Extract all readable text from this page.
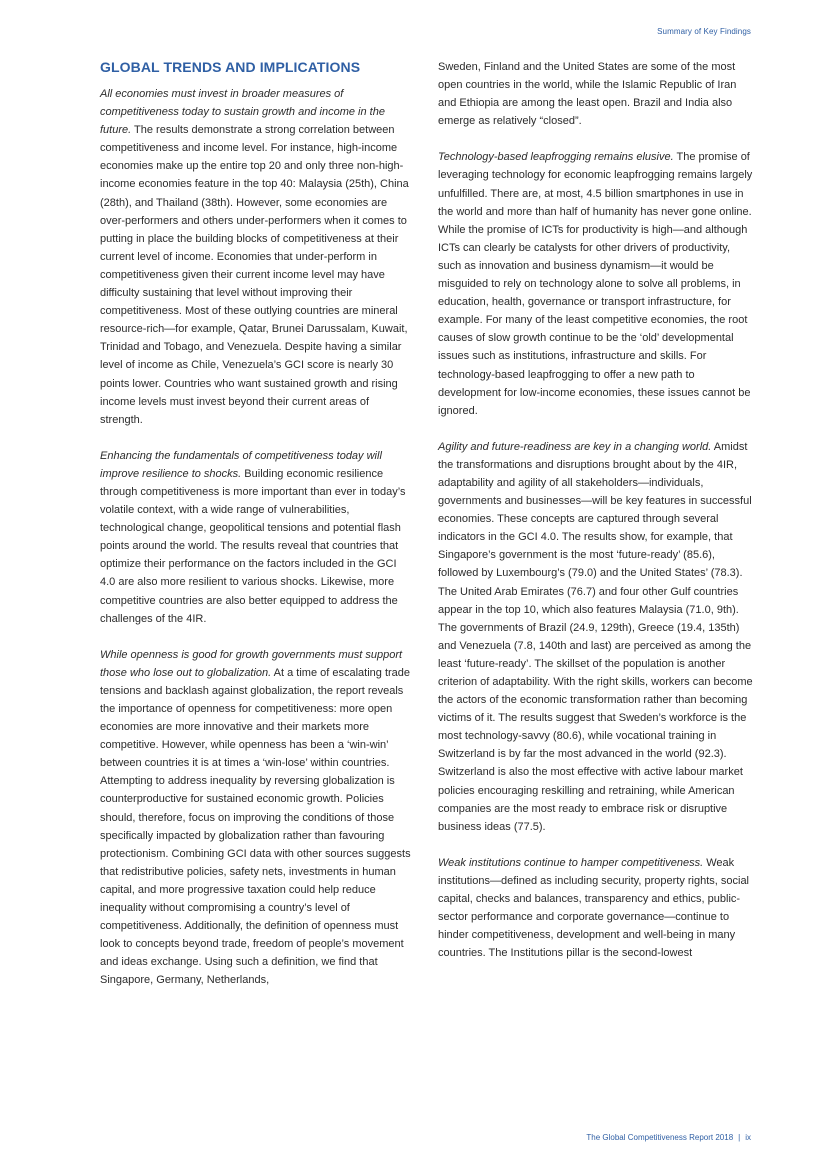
Summary of Key Findings
GLOBAL TRENDS AND IMPLICATIONS

All economies must invest in broader measures of competitiveness today to sustain growth and income in the future. The results demonstrate a strong correlation between competitiveness and income level. For instance, high-income economies make up the entire top 20 and only three non-high-income economies feature in the top 40: Malaysia (25th), China (28th), and Thailand (38th). However, some economies are over-performers and others under-performers when it comes to putting in place the building blocks of competitiveness at their current level of income. Economies that under-perform in competitiveness given their current income level may have difficulty sustaining that level without improving their competitiveness. Most of these outlying countries are mineral resource-rich—for example, Qatar, Brunei Darussalam, Kuwait, Trinidad and Tobago, and Venezuela. Despite having a similar level of income as Chile, Venezuela’s GCI score is nearly 30 points lower. Countries who want sustained growth and rising income levels must invest beyond their current areas of strength.

Enhancing the fundamentals of competitiveness today will improve resilience to shocks. Building economic resilience through competitiveness is more important than ever in today’s volatile context, with a wide range of vulnerabilities, technological change, geopolitical tensions and potential flash points around the world. The results reveal that countries that optimize their performance on the factors included in the GCI 4.0 are also more resilient to various shocks. Likewise, more competitive countries are also better equipped to address the challenges of the 4IR.

While openness is good for growth governments must support those who lose out to globalization. At a time of escalating trade tensions and backlash against globalization, the report reveals the importance of openness for competitiveness: more open economies are more innovative and their markets more competitive. However, while openness has been a ‘win-win’ between countries it is at times a ‘win-lose’ within countries. Attempting to address inequality by reversing globalization is counterproductive for sustained economic growth. Policies should, therefore, focus on improving the conditions of those specifically impacted by globalization rather than favouring protectionism. Combining GCI data with other sources suggests that redistributive policies, safety nets, investments in human capital, and more progressive taxation could help reduce inequality without compromising a country’s level of competitiveness. Additionally, the definition of openness must look to concepts beyond trade, freedom of people’s movement and ideas exchange. Using such a definition, we find that Singapore, Germany, Netherlands,

Sweden, Finland and the United States are some of the most open countries in the world, while the Islamic Republic of Iran and Ethiopia are among the least open. Brazil and India also emerge as relatively “closed”.

Technology-based leapfrogging remains elusive. The promise of leveraging technology for economic leapfrogging remains largely unfulfilled. There are, at most, 4.5 billion smartphones in use in the world and more than half of humanity has never gone online. While the promise of ICTs for productivity is high—and although ICTs can clearly be catalysts for other drivers of productivity, such as innovation and business dynamism—it would be misguided to rely on technology alone to solve all problems, in education, health, governance or transport infrastructure, for example. For many of the least competitive economies, the root causes of slow growth continue to be the ‘old’ developmental issues such as institutions, infrastructure and skills. For technology-based leapfrogging to offer a new path to development for low-income economies, these issues cannot be ignored.

Agility and future-readiness are key in a changing world. Amidst the transformations and disruptions brought about by the 4IR, adaptability and agility of all stakeholders—individuals, governments and businesses—will be key features in successful economies. These concepts are captured through several indicators in the GCI 4.0. The results show, for example, that Singapore’s government is the most ‘future-ready’ (85.6), followed by Luxembourg’s (79.0) and the United States’ (78.3). The United Arab Emirates (76.7) and four other Gulf countries appear in the top 10, which also features Malaysia (71.0, 9th). The governments of Brazil (24.9, 129th), Greece (19.4, 135th) and Venezuela (7.8, 140th and last) are perceived as among the least ‘future-ready’. The skillset of the population is another criterion of adaptability. With the right skills, workers can become the actors of the economic transformation rather than becoming victims of it. The results suggest that Sweden’s workforce is the most technology-savvy (80.6), while vocational training in Switzerland is by far the most advanced in the world (92.3). Switzerland is also the most effective with active labour market policies encouraging reskilling and retraining, while American companies are the most ready to embrace risk or disruptive business ideas (77.5).

Weak institutions continue to hamper competitiveness. Weak institutions—defined as including security, property rights, social capital, checks and balances, transparency and ethics, public-sector performance and corporate governance—continue to hinder competitiveness, development and well-being in many countries. The Institutions pillar is the second-lowest

The Global Competitiveness Report 2018 | ix
